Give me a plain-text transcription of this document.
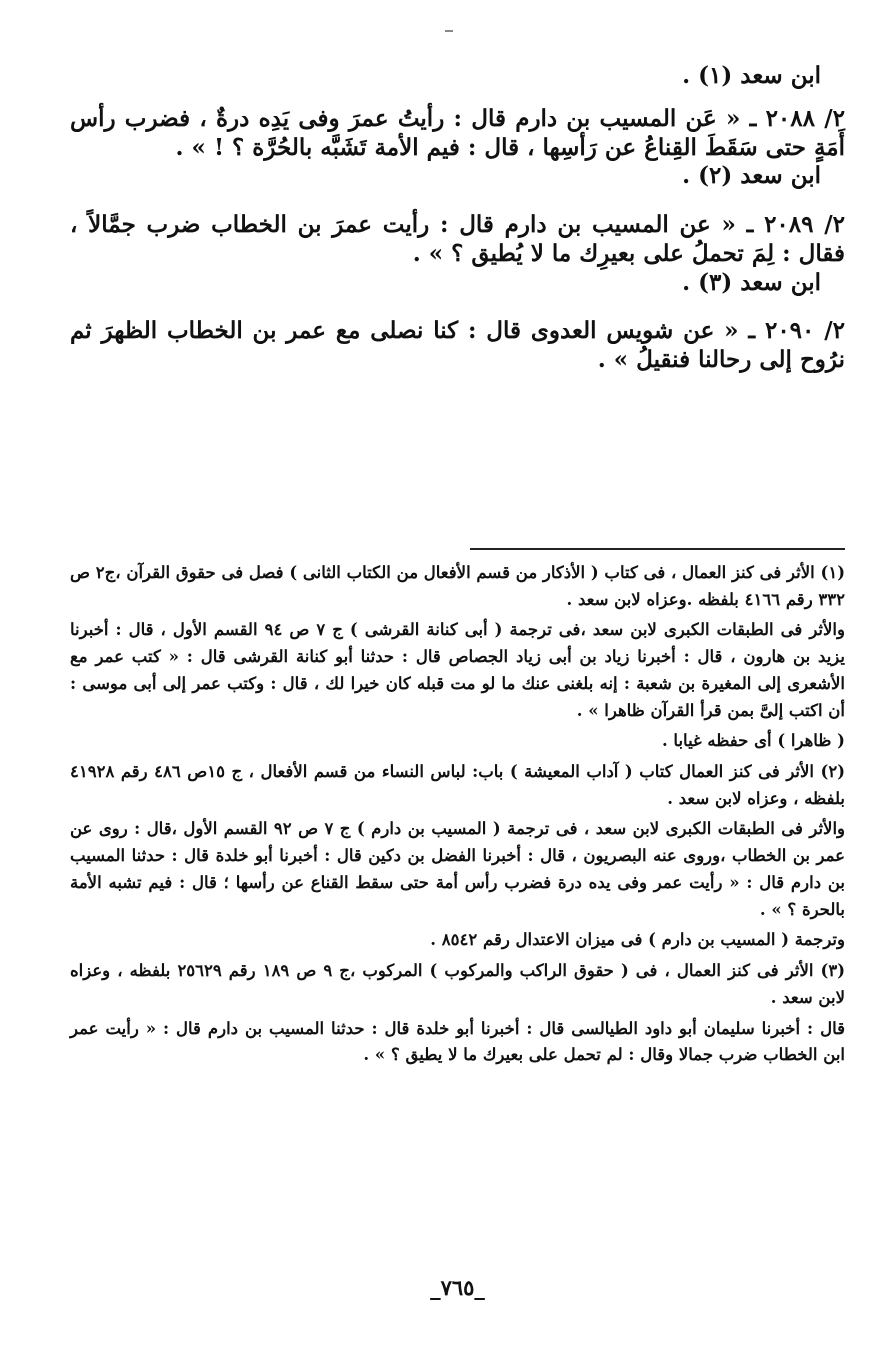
ابن سعد (١) .
٢/ ٢٠٨٨ ـ « عَن المسيب بن دارم قال : رأيتُ عمرَ وفى يَدِه درةٌ ، فضرب رأس أَمَةٍ حتى سَقَطَ القِناعُ عن رَأسِها ، قال : فيم الأمة تَشَبَّه بالحُرَّة ؟ ! » .
ابن سعد (٢) .
٢/ ٢٠٨٩ ـ « عن المسيب بن دارم قال : رأيت عمرَ بن الخطاب ضرب جمَّالاً ، فقال : لِمَ تحملُ على بعيرِك ما لا يُطيق ؟ » .
ابن سعد (٣) .
٢/ ٢٠٩٠ ـ « عن شويس العدوى قال : كنا نصلى مع عمر بن الخطاب الظهرَ ثم نرُوح إلى رحالنا فنقيلُ » .

(١) الأثر فى كنز العمال ، فى كتاب ( الأذكار من قسم الأفعال من الكتاب الثانى ) فصل فى حقوق القرآن ،ج٢ ص ٣٣٢ رقم ٤١٦٦ بلفظه .وعزاه لابن سعد .

والأثر فى الطبقات الكبرى لابن سعد ،فى ترجمة ( أبى كنانة القرشى ) ج ٧ ص ٩٤ القسم الأول ، قال : أخبرنا يزيد بن هارون ، قال : أخبرنا زياد بن أبى زياد الجصاص قال : حدثنا أبو كنانة القرشى قال : « كتب عمر مع الأشعرى إلى المغيرة بن شعبة : إنه بلغنى عنك ما لو مت قبله كان خيرا لك ، قال : وكتب عمر إلى أبى موسى : أن اكتب إلىَّ بمن قرأ القرآن ظاهرا » .

( ظاهرا ) أى حفظه غيابا .

(٢) الأثر فى كنز العمال كتاب ( آداب المعيشة ) باب: لباس النساء من قسم الأفعال ، ج ١٥ص ٤٨٦ رقم ٤١٩٢٨ بلفظه ، وعزاه لابن سعد .

والأثر فى الطبقات الكبرى لابن سعد ، فى ترجمة ( المسيب بن دارم ) ج ٧ ص ٩٢ القسم الأول ،قال : روى عن عمر بن الخطاب ،وروى عنه البصريون ، قال : أخبرنا الفضل بن دكين قال : أخبرنا أبو خلدة قال : حدثنا المسيب بن دارم قال : « رأيت عمر وفى يده درة فضرب رأس أمة حتى سقط القناع عن رأسها ؛ قال : فيم تشبه الأمة بالحرة ؟ » .

وترجمة ( المسيب بن دارم ) فى ميزان الاعتدال رقم ٨٥٤٢ .

(٣) الأثر فى كنز العمال ، فى ( حقوق الراكب والمركوب ) المركوب ،ج ٩ ص ١٨٩ رقم ٢٥٦٢٩ بلفظه ، وعزاه لابن سعد .

قال : أخبرنا سليمان أبو داود الطيالسى قال : أخبرنا أبو خلدة قال : حدثنا المسيب بن دارم قال : « رأيت عمر ابن الخطاب ضرب جمالا وقال : لم تحمل على بعيرك ما لا يطيق ؟ » .

_٧٦٥_
